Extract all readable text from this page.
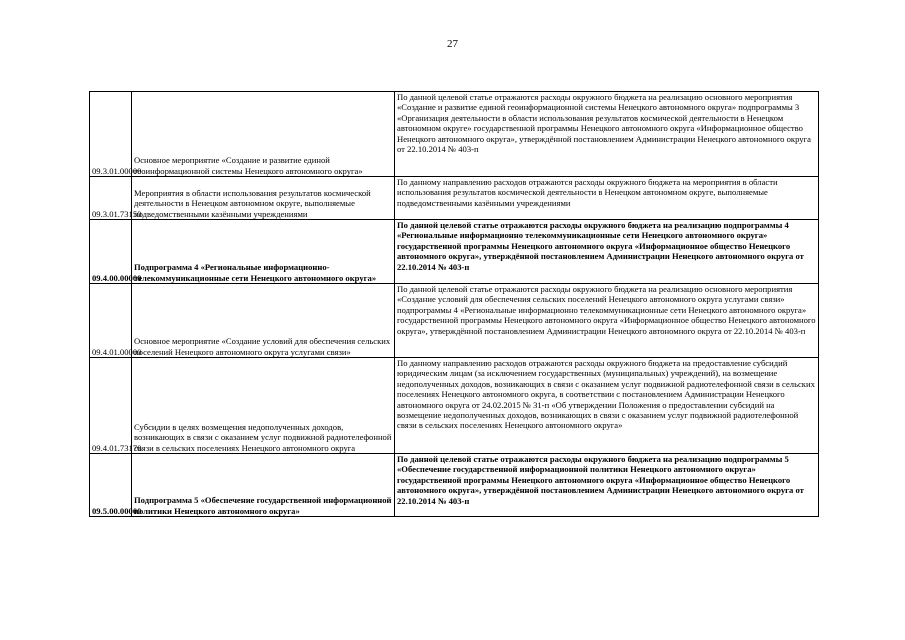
27
09.3.01.00000	Основное мероприятие «Создание и развитие единой геоинформационной системы Ненецкого автономного округа»	По данной целевой статье отражаются расходы окружного бюджета на реализацию основного мероприятия «Создание и развитие единой геоинформационной системы Ненецкого автономного округа» подпрограммы 3 «Организация деятельности в области использования результатов космической деятельности в Ненецком автономном округе» государственной программы Ненецкого автономного округа «Информационное общество Ненецкого автономного округа», утверждённой постановлением Администрации Ненецкого автономного округа от 22.10.2014 № 403-п
09.3.01.73150	Мероприятия в области использования результатов космической деятельности в Ненецком автономном округе, выполняемые подведомственными казёнными учреждениями	По данному направлению расходов отражаются расходы окружного бюджета на мероприятия в области использования результатов космической деятельности в Ненецком автономном округе, выполняемые подведомственными казёнными учреждениями
09.4.00.00000	Подпрограмма 4 «Региональные информационно-телекоммуникационные сети Ненецкого автономного округа»	По данной целевой статье отражаются расходы окружного бюджета на реализацию подпрограммы 4 «Региональные информационно телекоммуникационные сети Ненецкого автономного округа» государственной программы Ненецкого автономного округа «Информационное общество Ненецкого автономного округа», утверждённой постановлением Администрации Ненецкого автономного округа от 22.10.2014 № 403-п
09.4.01.00000	Основное мероприятие «Создание условий для обеспечения сельских поселений Ненецкого автономного округа услугами связи»	По данной целевой статье отражаются расходы окружного бюджета на реализацию основного мероприятия «Создание условий для обеспечения сельских поселений Ненецкого автономного округа услугами связи» подпрограммы 4 «Региональные информационно телекоммуникационные сети Ненецкого автономного округа» государственной программы Ненецкого автономного округа «Информационное общество Ненецкого автономного округа», утверждённой постановлением Администрации Ненецкого автономного округа от 22.10.2014 № 403-п
09.4.01.73170	Субсидии в целях возмещения недополученных доходов, возникающих в связи с оказанием услуг подвижной радиотелефонной связи в сельских поселениях Ненецкого автономного округа	По данному направлению расходов отражаются расходы окружного бюджета на предоставление субсидий юридическим лицам (за исключением государственных (муниципальных) учреждений), на возмещение недополученных доходов, возникающих в связи с оказанием услуг подвижной радиотелефонной связи в сельских поселениях Ненецкого автономного округа, в соответствии с постановлением Администрации Ненецкого автономного округа от 24.02.2015 № 31-п «Об утверждении Положения о предоставлении субсидий на возмещение недополученных доходов, возникающих в связи с оказанием услуг подвижной радиотелефонной связи в сельских поселениях Ненецкого автономного округа»
09.5.00.00000	Подпрограмма 5 «Обеспечение государственной информационной политики Ненецкого автономного округа»	По данной целевой статье отражаются расходы окружного бюджета на реализацию подпрограммы 5 «Обеспечение государственной информационной политики Ненецкого автономного округа» государственной программы Ненецкого автономного округа «Информационное общество Ненецкого автономного округа», утверждённой постановлением Администрации Ненецкого автономного округа от 22.10.2014 № 403-п
